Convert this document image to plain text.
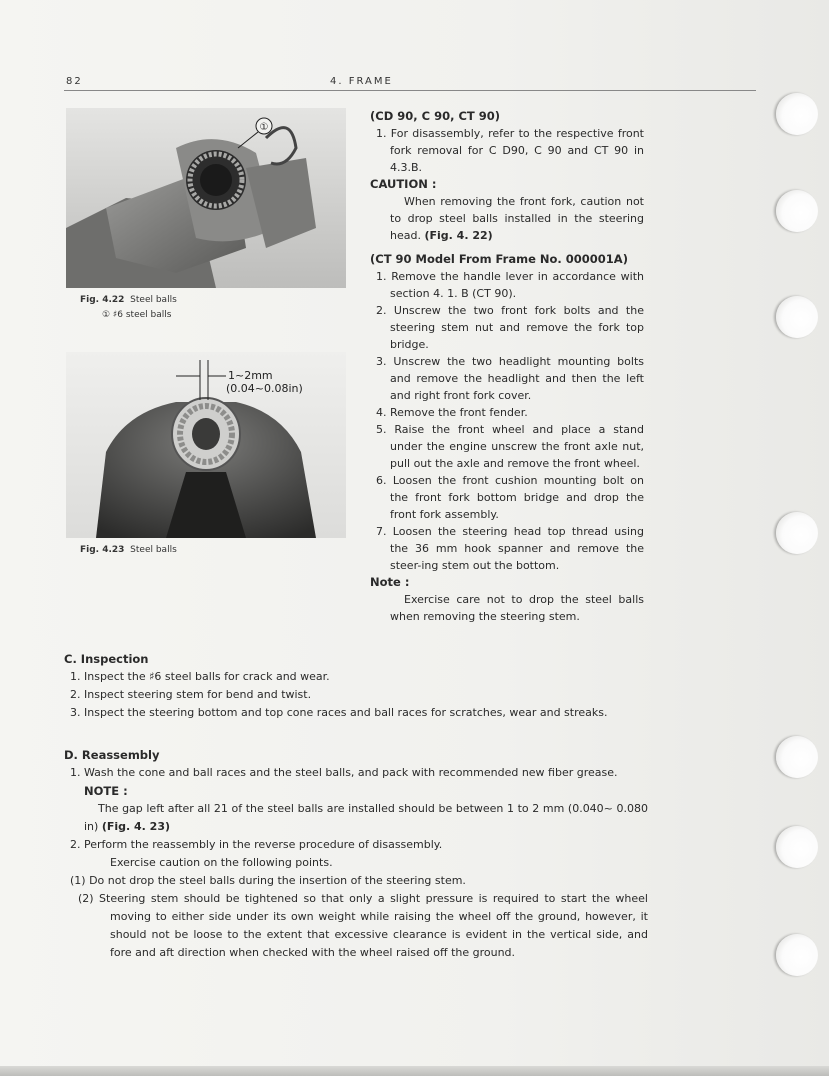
82	4. FRAME
①
Fig. 4.22 Steel balls
① ♯6 steel balls
1~2mm
(0.04~0.08in)
Fig. 4.23 Steel balls
(CD 90, C 90, CT 90)
1. For disassembly, refer to the respective front fork removal for C D90, C 90 and CT 90 in 4.3.B.
CAUTION :
When removing the front fork, caution not to drop steel balls installed in the steering head. (Fig. 4. 22)
(CT 90 Model From Frame No. 000001A)
1. Remove the handle lever in accordance with section 4. 1. B (CT 90).
2. Unscrew the two front fork bolts and the steering stem nut and remove the fork top bridge.
3. Unscrew the two headlight mounting bolts and remove the headlight and then the left and right front fork cover.
4. Remove the front fender.
5. Raise the front wheel and place a stand under the engine unscrew the front axle nut, pull out the axle and remove the front wheel.
6. Loosen the front cushion mounting bolt on the front fork bottom bridge and drop the front fork assembly.
7. Loosen the steering head top thread using the 36 mm hook spanner and remove the steer-ing stem out the bottom.
Note :
Exercise care not to drop the steel balls when removing the steering stem.
C. Inspection
1. Inspect the ♯6 steel balls for crack and wear.
2. Inspect steering stem for bend and twist.
3. Inspect the steering bottom and top cone races and ball races for scratches, wear and streaks.
D. Reassembly
1. Wash the cone and ball races and the steel balls, and pack with recommended new fiber grease.
NOTE :
The gap left after all 21 of the steel balls are installed should be between 1 to 2 mm (0.040~ 0.080 in) (Fig. 4. 23)
2. Perform the reassembly in the reverse procedure of disassembly.
Exercise caution on the following points.
(1) Do not drop the steel balls during the insertion of the steering stem.
(2) Steering stem should be tightened so that only a slight pressure is required to start the wheel moving to either side under its own weight while raising the wheel off the ground, however, it should not be loose to the extent that excessive clearance is evident in the vertical side, and fore and aft direction when checked with the wheel raised off the ground.
